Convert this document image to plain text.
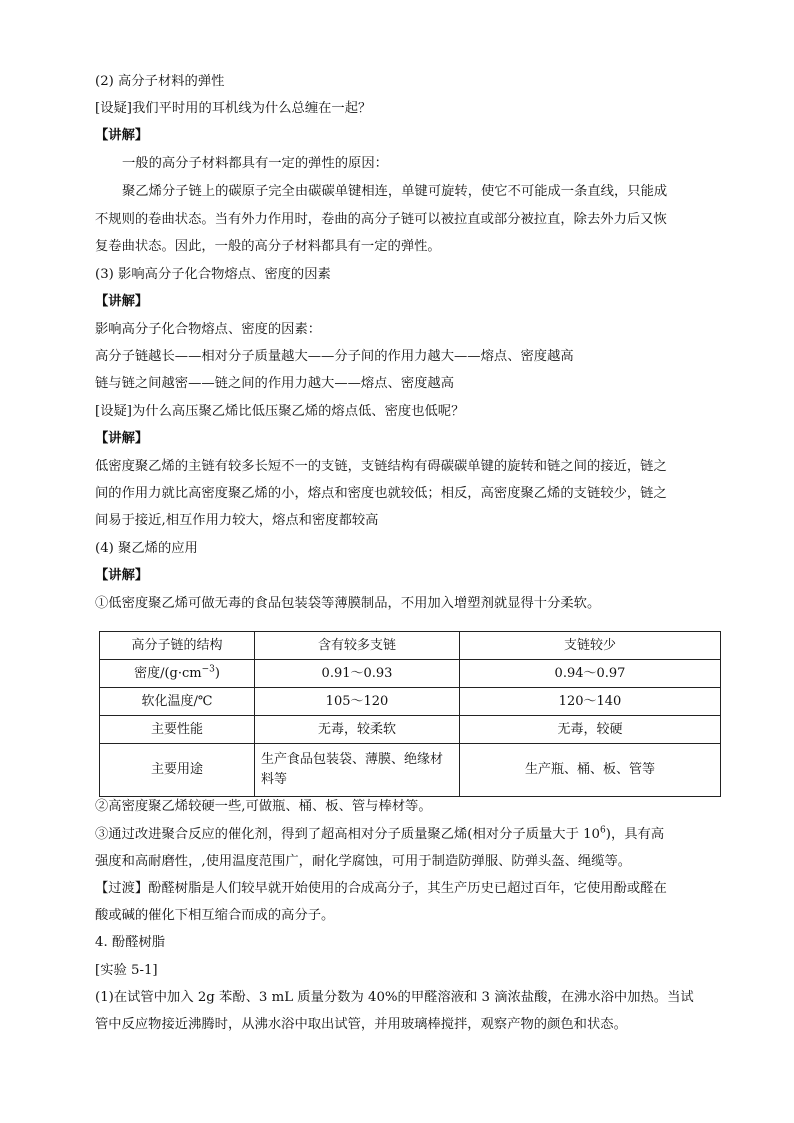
(2) 高分子材料的弹性
[设疑]我们平时用的耳机线为什么总缠在一起？
【讲解】
一般的高分子材料都具有一定的弹性的原因：
聚乙烯分子链上的碳原子完全由碳碳单键相连，单键可旋转，使它不可能成一条直线，只能成
不规则的卷曲状态。当有外力作用时，卷曲的高分子链可以被拉直或部分被拉直，除去外力后又恢
复卷曲状态。因此，一般的高分子材料都具有一定的弹性。
(3) 影响高分子化合物熔点、密度的因素
【讲解】
影响高分子化合物熔点、密度的因素：
高分子链越长——相对分子质量越大——分子间的作用力越大——熔点、密度越高
链与链之间越密——链之间的作用力越大——熔点、密度越高
[设疑]为什么高压聚乙烯比低压聚乙烯的熔点低、密度也低呢？
【讲解】
低密度聚乙烯的主链有较多长短不一的支链，支链结构有碍碳碳单键的旋转和链之间的接近，链之
间的作用力就比高密度聚乙烯的小，熔点和密度也就较低；相反，高密度聚乙烯的支链较少，链之
间易于接近,相互作用力较大，熔点和密度都较高
(4) 聚乙烯的应用
【讲解】
①低密度聚乙烯可做无毒的食品包装袋等薄膜制品，不用加入增塑剂就显得十分柔软。
高分子链的结构	含有较多支链	支链较少
密度$/(g\cdot cm^{-3})$	0.91～0.93	0.94～0.97
软化温度/℃	105～120	120～140
主要性能	无毒，较柔软	无毒，较硬
主要用途	生产食品包装袋、薄膜、绝缘材料等	生产瓶、桶、板、管等
②高密度聚乙烯较硬一些,可做瓶、桶、板、管与棒材等。
③通过改进聚合反应的催化剂，得到了超高相对分子质量聚乙烯(相对分子质量大于 $10^6$)，具有高
强度和高耐磨性，,使用温度范围广，耐化学腐蚀，可用于制造防弹服、防弹头盔、绳缆等。
【过渡】酚醛树脂是人们较早就开始使用的合成高分子，其生产历史已超过百年，它使用酚或醛在
酸或碱的催化下相互缩合而成的高分子。
4. 酚醛树脂
[实验 5-1]
(1)在试管中加入 2g 苯酚、3 mL 质量分数为 40%的甲醛溶液和 3 滴浓盐酸，在沸水浴中加热。当试
管中反应物接近沸腾时，从沸水浴中取出试管，并用玻璃棒搅拌，观察产物的颜色和状态。
